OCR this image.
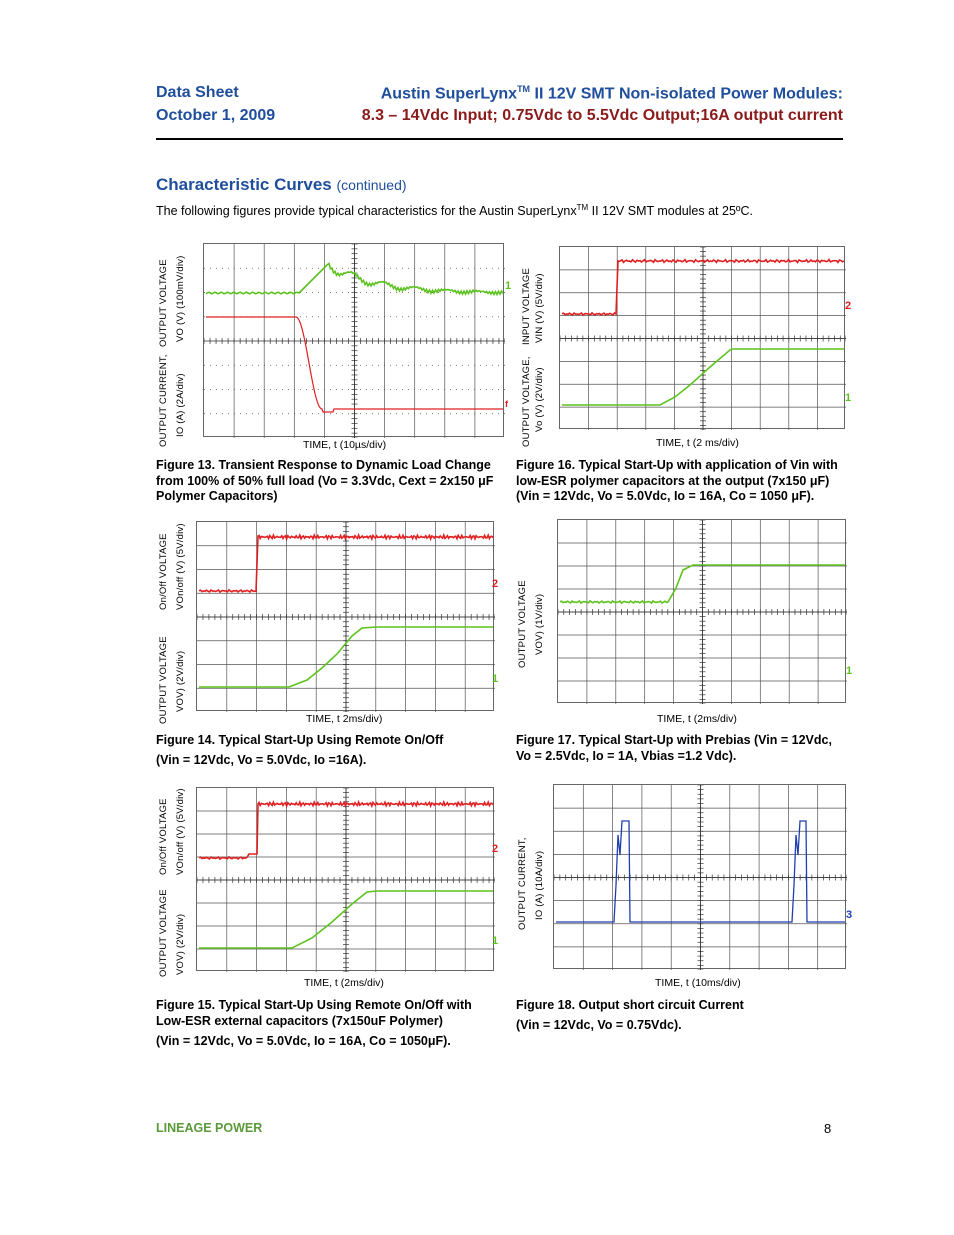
Data Sheet
October 1, 2009
Austin SuperLynx™ II 12V SMT Non-isolated Power Modules:
8.3 – 14Vdc Input; 0.75Vdc to 5.5Vdc Output;16A output current
Characteristic Curves (continued)
The following figures provide typical characteristics for the Austin SuperLynx™ II 12V SMT modules at 25ºC.
OUTPUT CURRENT, IO (A) (2A/div)
OUTPUT VOLTAGE VO (V) (100mV/div)	1
f
TIME, t (10µs/div)
Figure 13. Transient Response to Dynamic Load Change from 100% of 50% full load (Vo = 3.3Vdc, Cext = 2x150 μF Polymer Capacitors)
OUTPUT VOLTAGE, Vo (V) (2V/div)
INPUT VOLTAGE VIN (V) (5V/div)	2
1
TIME, t (2 ms/div)
Figure 16. Typical Start-Up with application of Vin with low-ESR polymer capacitors at the output (7x150 μF) (Vin = 12Vdc, Vo = 5.0Vdc, Io = 16A, Co = 1050 μF).
OUTPUT VOLTAGE VOV) (2V/div)
On/Off VOLTAGE VOn/off (V) (5V/div)	2
1
TIME, t 2ms/div)
Figure 14. Typical Start-Up Using Remote On/Off
(Vin = 12Vdc, Vo = 5.0Vdc, Io =16A).
OUTPUT VOLTAGE VOV) (1V/div)
1
TIME, t (2ms/div)
Figure 17. Typical Start-Up with Prebias (Vin = 12Vdc, Vo = 2.5Vdc, Io = 1A, Vbias =1.2 Vdc).
OUTPUT VOLTAGE VOV) (2V/div)
On/Off VOLTAGE VOn/off (V) (5V/div)	2
1
TIME, t (2ms/div)
Figure 15. Typical Start-Up Using Remote On/Off with Low-ESR external capacitors (7x150uF Polymer)
(Vin = 12Vdc, Vo = 5.0Vdc, Io = 16A, Co = 1050μF).
OUTPUT CURRENT, IO (A) (10A/div)	3
TIME, t (10ms/div)
Figure 18. Output short circuit Current
(Vin = 12Vdc, Vo = 0.75Vdc).
LINEAGE POWER	8
